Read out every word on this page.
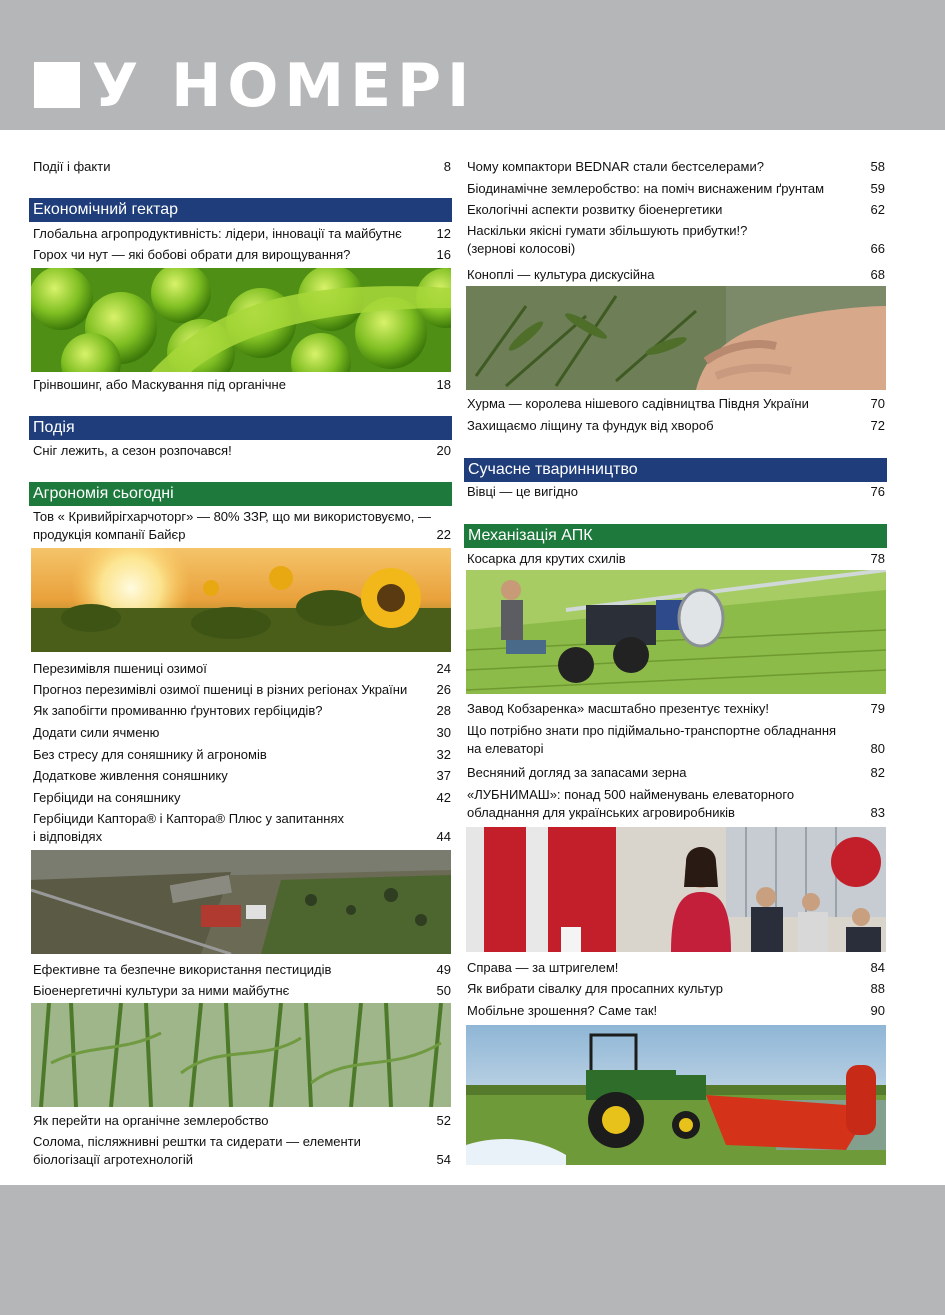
У НОМЕРІ
Події і факти	8
Економічний гектар
Глобальна агропродуктивність: лідери, інновації та майбутнє	12
Горох чи нут — які бобові обрати для вирощування?	16
Грінвошинг, або Маскування під органічне	18
Подія
Сніг лежить, а сезон розпочався!	20
Агрономія сьогодні
Тов « Кривийрігхарчоторг» — 80% ЗЗР, що ми використовуємо, —
продукція компанії Байєр	22
Перезимівля пшениці озимої	24
Прогноз перезимівлі озимої пшениці в різних регіонах України	26
Як запобігти промиванню ґрунтових гербіцидів?	28
Додати сили ячменю	30
Без стресу для соняшнику й агрономів	32
Додаткове живлення соняшнику	37
Гербіциди на соняшнику	42
Гербіциди Каптора® і Каптора® Плюс у запитаннях
і відповідях	44
Ефективне та безпечне використання пестицидів	49
Біоенергетичні культури за ними майбутнє	50
Як перейти на органічне землеробство	52
Солома, післяжнивні рештки та сидерати — елементи
біологізації агротехнологій	54
Чому компактори BEDNAR стали бестселерами?	58
Біодинамічне землеробство: на поміч виснаженим ґрунтам	59
Екологічні аспекти розвитку біоенергетики	62
Наскільки якісні гумати збільшують прибутки!?
(зернові колосові)	66
Коноплі — культура дискусійна	68
Хурма — королева нішевого садівництва Півдня України	70
Захищаємо ліщину та фундук від хвороб	72
Сучасне тваринництво
Вівці — це вигідно	76
Механізація АПК
Косарка для крутих схилів	78
Завод Кобзаренка» масштабно презентує техніку!	79
Що потрібно знати про підіймально-транспортне обладнання
на елеваторі	80
Весняний догляд за запасами зерна	82
«ЛУБНИМАШ»: понад 500 найменувань елеваторного
обладнання для українських агровиробників	83
Справа — за штригелем!	84
Як вибрати сівалку для просапних культур	88
Мобільне зрошення? Саме так!	90
